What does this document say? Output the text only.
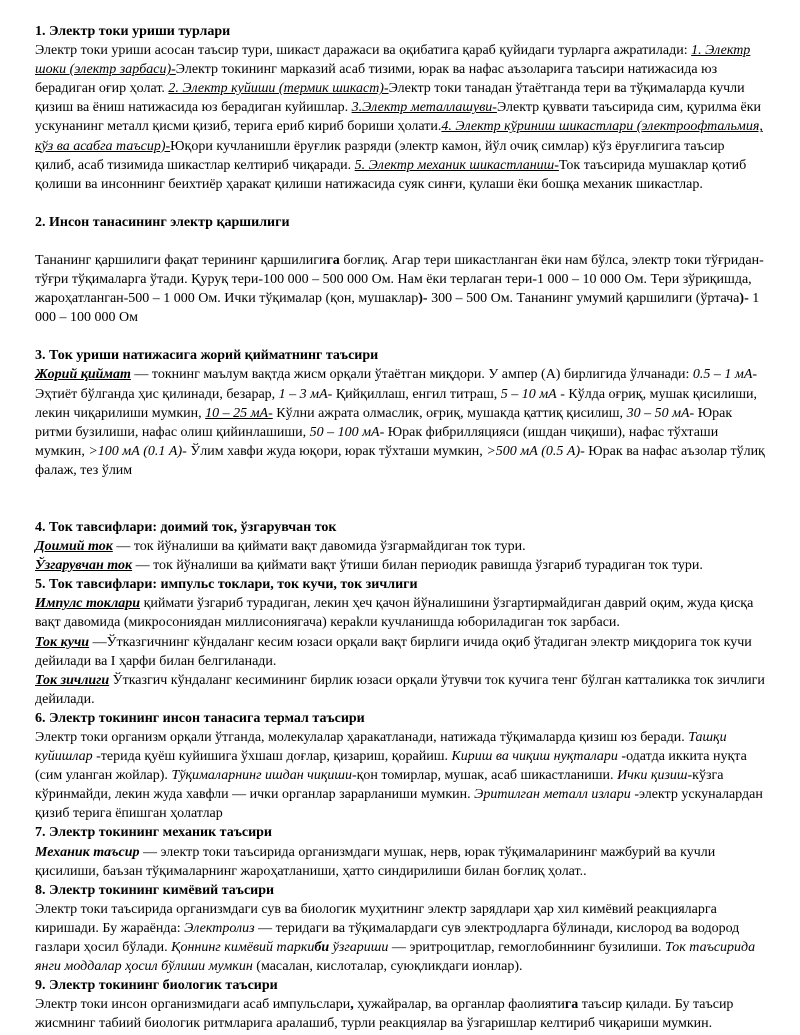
1. Электр токи уриши турлари

Электр токи уриши асосан таъсир тури, шикаст даражаси ва оқибатига қараб қуйидаги турларга ажратилади: 1. Электр шоки (электр зарбаси)-Электр токининг марказий асаб тизими, юрак ва нафас аъзоларига таъсири натижасида юз берадиган оғир ҳолат. 2. Электр куйиши (термик шикаст)-Электр токи танадан ўтаётганда тери ва тўқималарда кучли қизиш ва ёниш натижасида юз берадиган куйишлар. 3.Электр металлашуви-Электр қуввати таъсирида сим, қурилма ёки ускунанинг металл қисми қизиб, терига ериб кириб бориши ҳолати.4. Электр кўриниш шикастлари (электроофтальмия, кўз ва асабга таъсир)-Юқори кучланишли ёруғлик разряди (электр камон, йўл очиқ симлар) кўз ёруғлигига таъсир қилиб, асаб тизимида шикастлар келтириб чиқаради. 5. Электр механик шикастланиш-Ток таъсирида мушаклар қотиб қолиши ва инсоннинг беихтиёр ҳаракат қилиши натижасида суяк синғи, қулаши ёки бошқа механик шикастлар.

2. Инсон танасининг электр қаршилиги

Тананинг қаршилиги фақат терининг қаршилигига боғлиқ. Агар тери шикастланган ёки нам бўлса, электр токи тўғридан-тўғри тўқималарга ўтади. Қуруқ тери-100 000 – 500 000 Ом. Нам ёки терлаган тери-1 000 – 10 000 Ом. Тери зўриқишда, жароҳатланган-500 – 1 000 Ом. Ички тўқималар (қон, мушаклар)- 300 – 500 Ом. Тананинг умумий қаршилиги (ўртача)- 1 000 – 100 000 Ом

3. Ток уриши натижасига жорий қийматнинг таъсири

Жорий қиймат — токнинг маълум вақтда жисм орқали ўтаётган миқдори. У ампер (А) бирлигида ўлчанади: 0.5 – 1 мА- Эҳтиёт бўлганда ҳис қилинади, безарар, 1 – 3 мА- Қийқиллаш, енгил титраш, 5 – 10 мА - Кўлда оғриқ, мушак қисилиши, лекин чиқарилиши мумкин, 10 – 25 мА- Кўлни ажрата олмаслик, оғриқ, мушакда қаттиқ қисилиш, 30 – 50 мА- Юрак ритми бузилиши, нафас олиш қийинлашиши, 50 – 100 мА- Юрак фибрилляцияси (ишдан чиқиши), нафас тўхташи мумкин, >100 мА (0.1 А)- Ўлим хавфи жуда юқори, юрак тўхташи мумкин, >500 мА (0.5 А)- Юрак ва нафас аъзолар тўлиқ фалаж, тез ўлим

4. Ток тавсифлари: доимий ток, ўзгарувчан ток

Доимий ток — ток йўналиши ва қиймати вақт давомида ўзгармайдиган ток тури.

Ўзгарувчан ток — ток йўналиши ва қиймати вақт ўтиши билан периодик равишда ўзгариб турадиган ток тури.

5. Ток тавсифлари: импульс токлари, ток кучи, ток зичлиги

Импулс токлари қиймати ўзгариб турадиган, лекин ҳеч қачон йўналишини ўзгартирмайдиган даврий оқим, жуда қисқа вақт давомида (микросониядан миллисониягача) кераkли кучланишда юбориладиган ток зарбаси.

Ток кучи —Ўтказгичнинг кўндаланг кесим юзаси орқали вақт бирлиги ичида оқиб ўтадиган электр миқдорига ток кучи дейилади ва I ҳарфи билан белгиланади.

Ток зичлиги Ўтказгич кўндаланг кесимининг бирлик юзаси орқали ўтувчи ток кучига тенг бўлган катталикка ток зичлиги дейилади.

6. Электр токининг инсон танасига термал таъсири

Электр токи организм орқали ўтганда, молекулалар ҳаракатланади, натижада тўқималарда қизиш юз беради. Ташқи куйишлар -терида қуёш куйишига ўхшаш доғлар, қизариш, қорайиш. Кириш ва чиқиш нуқталари -одатда иккита нуқта (сим уланган жойлар). Тўқималарнинг ишдан чиқиши-қон томирлар, мушак, асаб шикастланиши. Ички қизиш-кўзга кўринмайди, лекин жуда хавфли — ички органлар зарарланиши мумкин. Эритилган металл излари -электр ускуналардан қизиб терига ёпишган ҳолатлар

7. Электр токининг механик таъсири

Механик таъсир — электр токи таъсирида организмдаги мушак, нерв, юрак тўқималарининг мажбурий ва кучли қисилиши, баъзан тўқималарнинг жароҳатланиши, ҳатто синдирилиши билан боғлиқ ҳолат..

8. Электр токининг кимёвий таъсири

Электр токи таъсирида организмдаги сув ва биологик муҳитнинг электр зарядлари ҳар хил кимёвий реакцияларга киришади. Бу жараёнда: Электролиз — теридаги ва тўқималардаги сув электродларга бўлинади, кислород ва водород газлари ҳосил бўлади. Қоннинг кимёвий таркиби ўзгариши — эритроцитлар, гемоглобиннинг бузилиши. Ток таъсирида янги моддалар ҳосил бўлиши мумкин (масалан, кислоталар, суюқликдаги ионлар).

9. Электр токининг биологик таъсири

Электр токи инсон организмидаги асаб импульслари, ҳужайралар, ва органлар фаолиятига таъсир қилади. Бу таъсир жисмнинг табиий биологик ритмларига аралашиб, турли реакциялар ва ўзгаришлар келтириб чиқариши мумкин.
